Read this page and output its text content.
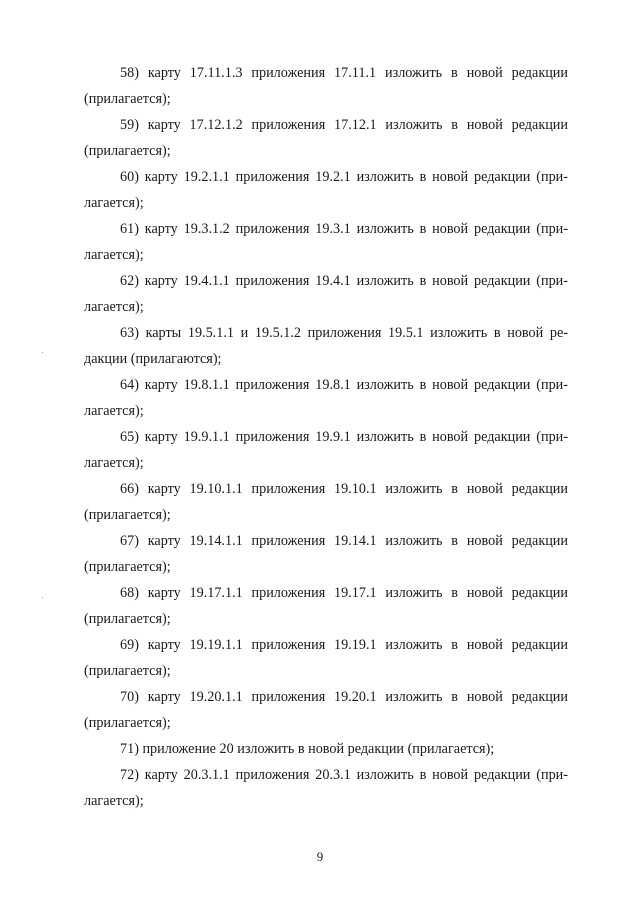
58) карту 17.11.1.3 приложения 17.11.1 изложить в новой редакции
(прилагается);
59) карту 17.12.1.2 приложения 17.12.1 изложить в новой редакции
(прилагается);
60) карту 19.2.1.1 приложения 19.2.1 изложить в новой редакции (при-
лагается);
61) карту 19.3.1.2 приложения 19.3.1 изложить в новой редакции (при-
лагается);
62) карту 19.4.1.1 приложения 19.4.1 изложить в новой редакции (при-
лагается);
63) карты 19.5.1.1 и 19.5.1.2 приложения 19.5.1 изложить в новой ре-
дакции (прилагаются);
64) карту 19.8.1.1 приложения 19.8.1 изложить в новой редакции (при-
лагается);
65) карту 19.9.1.1 приложения 19.9.1 изложить в новой редакции (при-
лагается);
66) карту 19.10.1.1 приложения 19.10.1 изложить в новой редакции
(прилагается);
67) карту 19.14.1.1 приложения 19.14.1 изложить в новой редакции
(прилагается);
68) карту 19.17.1.1 приложения 19.17.1 изложить в новой редакции
(прилагается);
69) карту 19.19.1.1 приложения 19.19.1 изложить в новой редакции
(прилагается);
70) карту 19.20.1.1 приложения 19.20.1 изложить в новой редакции
(прилагается);
71) приложение 20 изложить в новой редакции (прилагается);
72) карту 20.3.1.1 приложения 20.3.1 изложить в новой редакции (при-
лагается);
9
